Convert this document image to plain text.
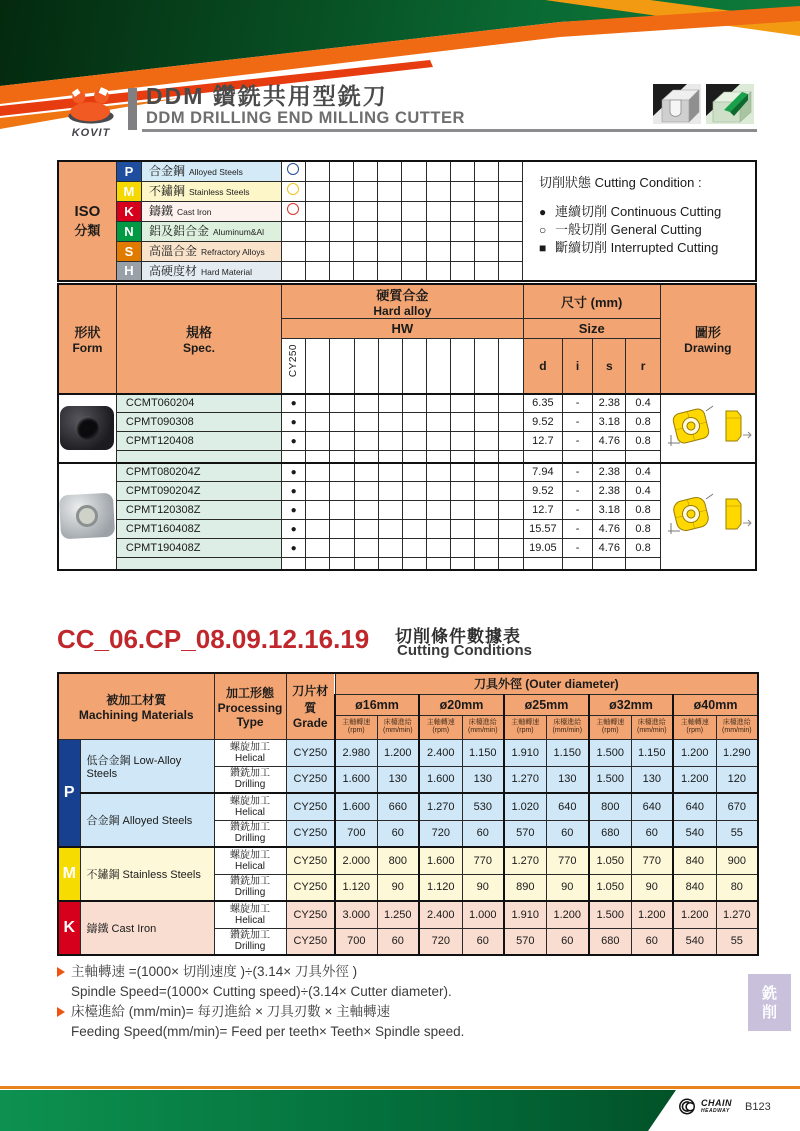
KOVIT
DDM 鑽銑共用型銑刀
DDM DRILLING END MILLING CUTTER
ISO
分類
	P	合金鋼 Alloyed Steels											
切削狀態 Cutting Condition :
● 連續切削 Continuous Cutting
○ 一般切削 General Cutting
■ 斷續切削 Interrupted Cutting

	M	不鏽鋼 Stainless Steels											
	K	鑄鐵 Cast Iron											
	N	鋁及鋁合金 Aluminum&Al											
	S	高溫合金 Refractory Alloys											
	H	高硬度材 Hard Material											
形狀
Form

規格
Spec.

硬質合金
Hard alloy
	尺寸 (mm)	
圖形
Drawing

		HW										Size				

		CY250										d	i	s	r	

	CCMT060204	●										6.35	-	2.38	0.4	
	CPMT090308	●										9.52	-	3.18	0.8	
	CPMT120408	●										12.7	-	4.76	0.8	

	CPMT080204Z	●										7.94	-	2.38	0.4	
	CPMT090204Z	●										9.52	-	2.38	0.4	
	CPMT120308Z	●										12.7	-	3.18	0.8	
	CPMT160408Z	●										15.57	-	4.76	0.8	
	CPMT190408Z	●										19.05	-	4.76	0.8	

CC_06.CP_08.09.12.16.19 切削條件數據表
Cutting Conditions
被加工材質
Machining Materials

加工形態
Processing
Type

刀片材質
Grade
	刀具外徑 (Outer diameter)
				ø16mm		ø20mm		ø25mm		ø32mm		ø40mm	
				主軸轉速
(rpm)	床檯進給
(mm/min)	主軸轉速
(rpm)	床檯進給
(mm/min)	主軸轉速
(rpm)	床檯進給
(mm/min)	主軸轉速
(rpm)	床檯進給
(mm/min)	主軸轉速
(rpm)	床檯進給
(mm/min)
P	低合金鋼 Low-Alloy Steels	螺旋加工
Helical	CY250	2.980	1.200	2.400	1.150	1.910	1.150	1.500	1.150	1.200	1.290

		鑽銑加工
Drilling	CY250	1.600	130	1.600	130	1.270	130	1.500	130	1.200	120
	合金鋼 Alloyed Steels	螺旋加工
Helical	CY250	1.600	660	1.270	530	1.020	640	800	640	640	670

		鑽銑加工
Drilling	CY250	700	60	720	60	570	60	680	60	540	55
M	不鏽鋼 Stainless Steels	螺旋加工
Helical	CY250	2.000	800	1.600	770	1.270	770	1.050	770	840	900

		鑽銑加工
Drilling	CY250	1.120	90	1.120	90	890	90	1.050	90	840	80
K	鑄鐵 Cast Iron	螺旋加工
Helical	CY250	3.000	1.250	2.400	1.000	1.910	1.200	1.500	1.200	1.200	1.270

		鑽銑加工
Drilling	CY250	700	60	720	60	570	60	680	60	540	55
主軸轉速 =(1000× 切削速度 )÷(3.14× 刀具外徑 )
Spindle Speed=(1000× Cutting speed)÷(3.14× Cutter diameter).
床檯進給 (mm/min)= 每刃進給 × 刀具刃數 × 主軸轉速
Feeding Speed(mm/min)= Feed per teeth× Teeth× Spindle speed.
銑
削
CHAIN
HEADWAY B123
